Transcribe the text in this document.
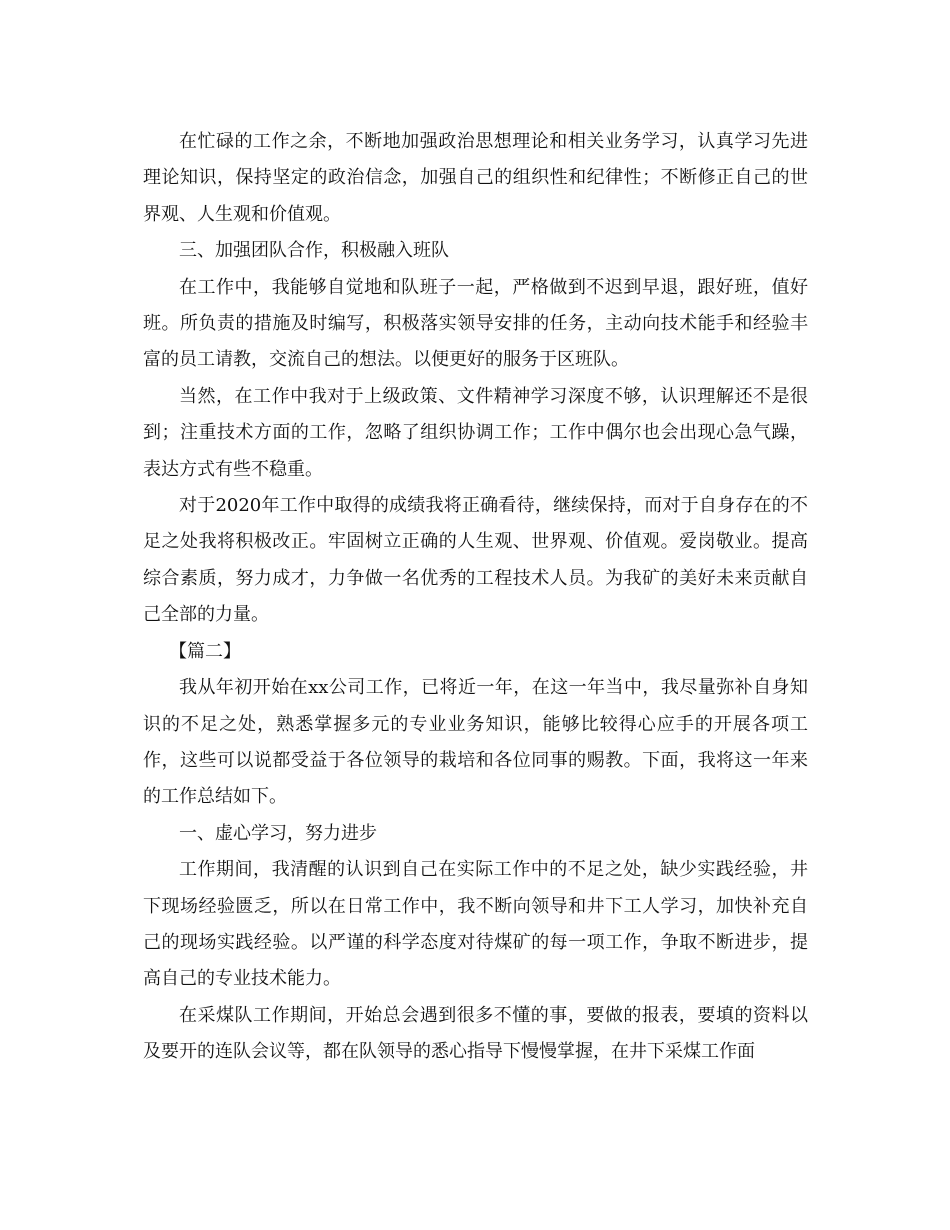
在忙碌的工作之余，不断地加强政治思想理论和相关业务学习，认真学习先进理论知识，保持坚定的政治信念，加强自己的组织性和纪律性；不断修正自己的世界观、人生观和价值观。

三、加强团队合作，积极融入班队

在工作中，我能够自觉地和队班子一起，严格做到不迟到早退，跟好班，值好班。所负责的措施及时编写，积极落实领导安排的任务，主动向技术能手和经验丰富的员工请教，交流自己的想法。以便更好的服务于区班队。

当然，在工作中我对于上级政策、文件精神学习深度不够，认识理解还不是很到；注重技术方面的工作，忽略了组织协调工作；工作中偶尔也会出现心急气躁，表达方式有些不稳重。

对于2020年工作中取得的成绩我将正确看待，继续保持，而对于自身存在的不足之处我将积极改正。牢固树立正确的人生观、世界观、价值观。爱岗敬业。提高综合素质，努力成才，力争做一名优秀的工程技术人员。为我矿的美好未来贡献自己全部的力量。

【篇二】

我从年初开始在xx公司工作，已将近一年，在这一年当中，我尽量弥补自身知识的不足之处，熟悉掌握多元的专业业务知识，能够比较得心应手的开展各项工作，这些可以说都受益于各位领导的栽培和各位同事的赐教。下面，我将这一年来的工作总结如下。

一、虚心学习，努力进步

工作期间，我清醒的认识到自己在实际工作中的不足之处，缺少实践经验，井下现场经验匮乏，所以在日常工作中，我不断向领导和井下工人学习，加快补充自己的现场实践经验。以严谨的科学态度对待煤矿的每一项工作，争取不断进步，提高自己的专业技术能力。

在采煤队工作期间，开始总会遇到很多不懂的事，要做的报表，要填的资料以及要开的连队会议等，都在队领导的悉心指导下慢慢掌握，在井下采煤工作面
